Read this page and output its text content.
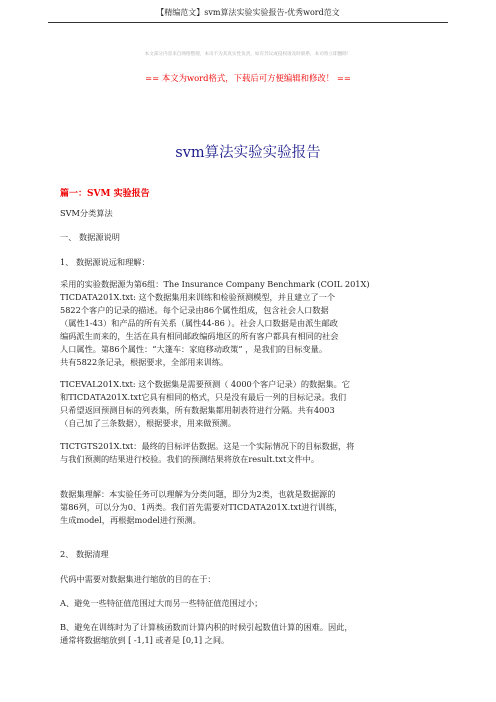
【精编范文】svm算法实验实验报告-优秀word范文
本文部分内容来自网络整理，本司不为其真实性负责，如有异议或侵权请及时联系，本司将立即删除！
== 本文为word格式，下载后可方便编辑和修改！ ==
svm算法实验实验报告
篇一：SVM 实验报告
SVM分类算法
一、 数据源说明
1、 数据源说远和理解：
采用的实验数据源为第6组：The Insurance Company Benchmark (COIL 201X)
TICDATA201X.txt: 这个数据集用来训练和检验预测模型，并且建立了一个
5822个客户的记录的描述。每个记录由86个属性组成，包含社会人口数据
（属性1-43）和产品的所有关系（属性44-86 ）。社会人口数据是由派生邮政
编码派生而来的，生活在具有相同邮政编码地区的所有客户都具有相同的社会
人口属性。第86个属性：“大篷车：家庭移动政策” ，是我们的目标变量。
共有5822条记录，根据要求，全部用来训练。
TICEVAL201X.txt: 这个数据集是需要预测（ 4000个客户记录）的数据集。它
和TICDATA201X.txt它具有相同的格式，只是没有最后一列的目标记录。我们
只希望返回预测目标的列表集，所有数据集都用制表符进行分隔。共有4003
（自己加了三条数据），根据要求，用来做预测。
TICTGTS201X.txt：最终的目标评估数据。这是一个实际情况下的目标数据，将
与我们预测的结果进行校验。我们的预测结果将放在result.txt文件中。
数据集理解：本实验任务可以理解为分类问题，即分为2类，也就是数据源的
第86列，可以分为0、1两类。我们首先需要对TICDATA201X.txt进行训练，
生成model，再根据model进行预测。
2、 数据清理
代码中需要对数据集进行缩放的目的在于：
A、避免一些特征值范围过大而另一些特征值范围过小；
B、避免在训练时为了计算核函数而计算内积的时候引起数值计算的困难。因此，
通常将数据缩放到 [ -1,1] 或者是 [0,1] 之间。
